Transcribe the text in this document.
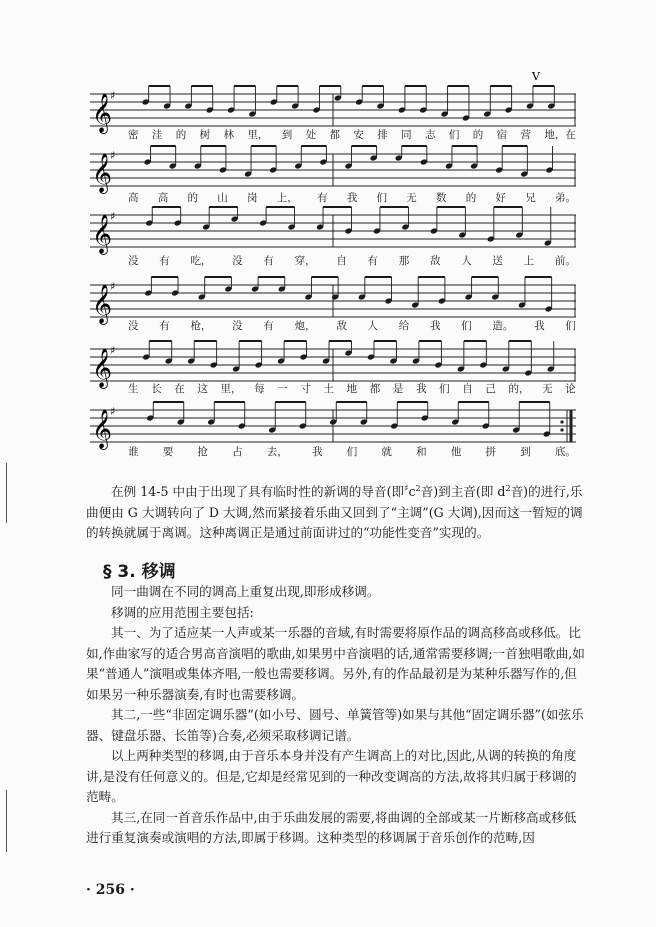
𝄞
♯
V
密 洼 的 树 林 里， 到 处 都 安 排 同 志 们 的 宿 营 地，在
𝄞
♯
高 高 的 山 岗 上， 有 我 们 无 数 的 好 兄 弟。
𝄞
♯
没 有 吃， 没 有 穿， 自 有 那 敌 人 送 上 前。
𝄞
♯
没 有 枪， 没 有 炮， 敌 人 给 我 们 造。 我 们
𝄞
♯
生 长 在 这 里， 每 一 寸 土 地 都 是 我 们 自 己 的， 无 论
𝄞
♯
谁 要 抢 占 去， 我 们 就 和 他 拼 到 底。

在例 14-5 中由于出现了具有临时性的新调的导音(即$^♯c^2$音)到主音(即 $d^2$音)的进行,乐曲便由 G 大调转向了 D 大调,然而紧接着乐曲又回到了“主调”(G 大调),因而这一暂短的调的转换就属于离调。这种离调正是通过前面讲过的“功能性变音”实现的。

§ 3. 移调

同一曲调在不同的调高上重复出现,即形成移调。

移调的应用范围主要包括:

其一、为了适应某一人声或某一乐器的音域,有时需要将原作品的调高移高或移低。比如,作曲家写的适合男高音演唱的歌曲,如果男中音演唱的话,通常需要移调;一首独唱歌曲,如果“普通人”演唱或集体齐唱,一般也需要移调。另外,有的作品最初是为某种乐器写作的,但如果另一种乐器演奏,有时也需要移调。

其二,一些“非固定调乐器”(如小号、圆号、单簧管等)如果与其他“固定调乐器”(如弦乐器、键盘乐器、长笛等)合奏,必须采取移调记谱。

以上两种类型的移调,由于音乐本身并没有产生调高上的对比,因此,从调的转换的角度讲,是没有任何意义的。但是,它却是经常见到的一种改变调高的方法,故将其归属于移调的范畴。

其三,在同一首音乐作品中,由于乐曲发展的需要,将曲调的全部或某一片断移高或移低进行重复演奏或演唱的方法,即属于移调。这种类型的移调属于音乐创作的范畴,因

· 256 ·
